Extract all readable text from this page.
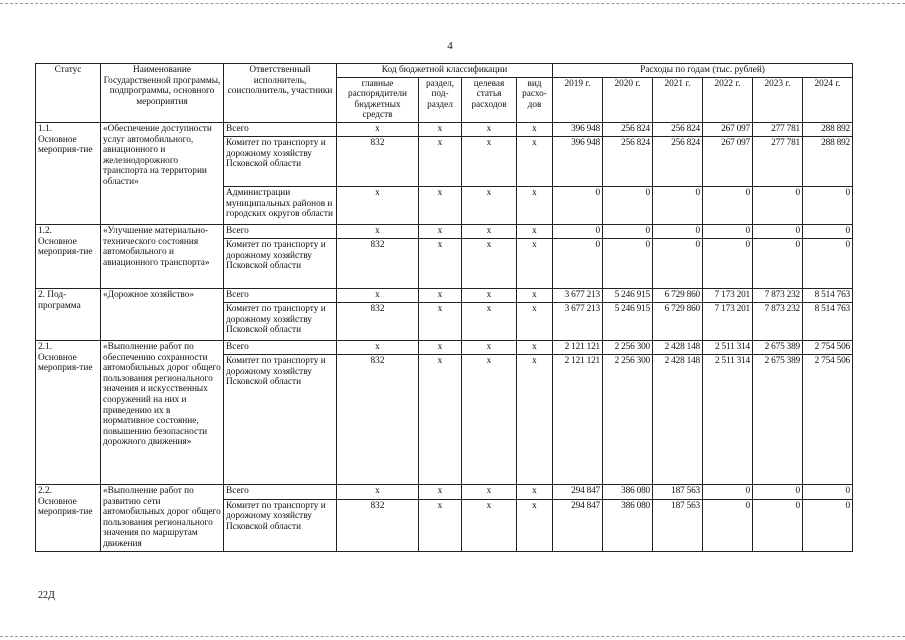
4
Статус	Наименование Государственной программы, подпрограммы, основного мероприятия	Ответственный исполнитель, соисполнитель, участники	Код бюджетной классификации				Расходы по годам (тыс. рублей)					
			главные распорядители бюджетных средств	раздел, под-раздел	целевая статья расходов	вид расхо-дов	2019 г.	2020 г.	2021 г.	2022 г.	2023 г.	2024 г.
1.1.
Основное мероприя-тие	«Обеспечение доступности услуг автомобильного, авиационного и железнодорожного транспорта на территории области»	Всего	х	х	х	х	396 948	256 824	256 824	267 097	277 781	288 892
		Комитет по транспорту и дорожному хозяйству Псковской области	832	х	х	х	396 948	256 824	256 824	267 097	277 781	288 892
		Администрации муниципальных районов и городских округов области	х	х	х	х	0	0	0	0	0	0
1.2.
Основное мероприя-тие	«Улучшение материально-технического состояния автомобильного и авиационного транспорта»	Всего	х	х	х	х	0	0	0	0	0	0
		Комитет по транспорту и дорожному хозяйству Псковской области	832	х	х	х	0	0	0	0	0	0
2. Под-программа	«Дорожное хозяйство»	Всего	х	х	х	х	3 677 213	5 246 915	6 729 860	7 173 201	7 873 232	8 514 763
		Комитет по транспорту и дорожному хозяйству Псковской области	832	х	х	х	3 677 213	5 246 915	6 729 860	7 173 201	7 873 232	8 514 763
2.1.
Основное мероприя-тие	«Выполнение работ по обеспечению сохранности автомобильных дорог общего пользования регионального значения и искусственных сооружений на них и приведению их в нормативное состояние, повышению безопасности дорожного движения»	Всего	х	х	х	х	2 121 121	2 256 300	2 428 148	2 511 314	2 675 389	2 754 506
		Комитет по транспорту и дорожному хозяйству Псковской области	832	х	х	х	2 121 121	2 256 300	2 428 148	2 511 314	2 675 389	2 754 506
2.2.
Основное мероприя-тие	«Выполнение работ по развитию сети автомобильных дорог общего пользования регионального значения по маршрутам движения	Всего	х	х	х	х	294 847	386 080	187 563	0	0	0
		Комитет по транспорту и дорожному хозяйству Псковской области	832	х	х	х	294 847	386 080	187 563	0	0	0
22Д
